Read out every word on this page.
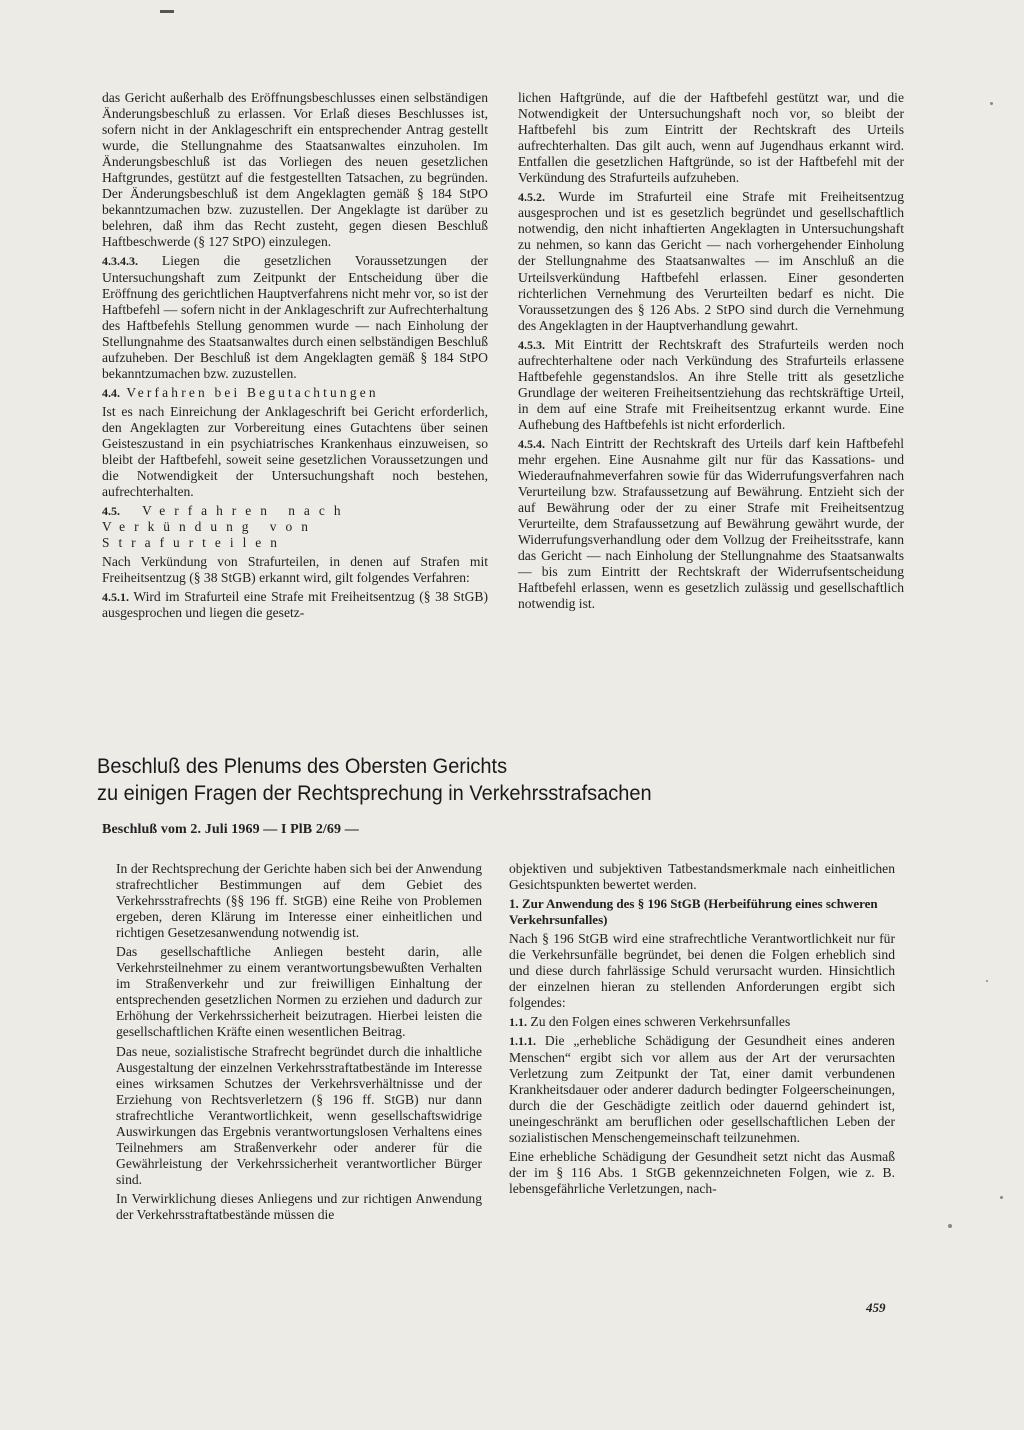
das Gericht außerhalb des Eröffnungsbeschlusses einen selbständigen Änderungsbeschluß zu erlassen. Vor Erlaß dieses Beschlusses ist, sofern nicht in der Anklageschrift ein entsprechender Antrag gestellt wurde, die Stellungnahme des Staatsanwaltes einzuholen. Im Änderungsbeschluß ist das Vorliegen des neuen gesetzlichen Haftgrundes, gestützt auf die festgestellten Tatsachen, zu begründen. Der Änderungsbeschluß ist dem Angeklagten gemäß § 184 StPO bekanntzumachen bzw. zuzustellen. Der Angeklagte ist darüber zu belehren, daß ihm das Recht zusteht, gegen diesen Beschluß Haftbeschwerde (§ 127 StPO) einzulegen.

4.3.4.3. Liegen die gesetzlichen Voraussetzungen der Untersuchungshaft zum Zeitpunkt der Entscheidung über die Eröffnung des gerichtlichen Hauptverfahrens nicht mehr vor, so ist der Haftbefehl — sofern nicht in der Anklageschrift zur Aufrechterhaltung des Haftbefehls Stellung genommen wurde — nach Einholung der Stellungnahme des Staatsanwaltes durch einen selbständigen Beschluß aufzuheben. Der Beschluß ist dem Angeklagten gemäß § 184 StPO bekanntzumachen bzw. zuzustellen.

4.4. Verfahren bei Begutachtungen

Ist es nach Einreichung der Anklageschrift bei Gericht erforderlich, den Angeklagten zur Vorbereitung eines Gutachtens über seinen Geisteszustand in ein psychiatrisches Krankenhaus einzuweisen, so bleibt der Haftbefehl, soweit seine gesetzlichen Voraussetzungen und die Notwendigkeit der Untersuchungshaft noch bestehen, aufrechterhalten.

4.5. Verfahren nach Verkündung von Strafurteilen

Nach Verkündung von Strafurteilen, in denen auf Strafen mit Freiheitsentzug (§ 38 StGB) erkannt wird, gilt folgendes Verfahren:

4.5.1. Wird im Strafurteil eine Strafe mit Freiheitsentzug (§ 38 StGB) ausgesprochen und liegen die gesetz-

lichen Haftgründe, auf die der Haftbefehl gestützt war, und die Notwendigkeit der Untersuchungshaft noch vor, so bleibt der Haftbefehl bis zum Eintritt der Rechtskraft des Urteils aufrechterhalten. Das gilt auch, wenn auf Jugendhaus erkannt wird. Entfallen die gesetzlichen Haftgründe, so ist der Haftbefehl mit der Verkündung des Strafurteils aufzuheben.

4.5.2. Wurde im Strafurteil eine Strafe mit Freiheitsentzug ausgesprochen und ist es gesetzlich begründet und gesellschaftlich notwendig, den nicht inhaftierten Angeklagten in Untersuchungshaft zu nehmen, so kann das Gericht — nach vorhergehender Einholung der Stellungnahme des Staatsanwaltes — im Anschluß an die Urteilsverkündung Haftbefehl erlassen. Einer gesonderten richterlichen Vernehmung des Verurteilten bedarf es nicht. Die Voraussetzungen des § 126 Abs. 2 StPO sind durch die Vernehmung des Angeklagten in der Hauptverhandlung gewahrt.

4.5.3. Mit Eintritt der Rechtskraft des Strafurteils werden noch aufrechterhaltene oder nach Verkündung des Strafurteils erlassene Haftbefehle gegenstandslos. An ihre Stelle tritt als gesetzliche Grundlage der weiteren Freiheitsentziehung das rechtskräftige Urteil, in dem auf eine Strafe mit Freiheitsentzug erkannt wurde. Eine Aufhebung des Haftbefehls ist nicht erforderlich.

4.5.4. Nach Eintritt der Rechtskraft des Urteils darf kein Haftbefehl mehr ergehen. Eine Ausnahme gilt nur für das Kassations- und Wiederaufnahmeverfahren sowie für das Widerrufungsverfahren nach Verurteilung bzw. Strafaussetzung auf Bewährung. Entzieht sich der auf Bewährung oder der zu einer Strafe mit Freiheitsentzug Verurteilte, dem Strafaussetzung auf Bewährung gewährt wurde, der Widerrufungsverhandlung oder dem Vollzug der Freiheitsstrafe, kann das Gericht — nach Einholung der Stellungnahme des Staatsanwalts — bis zum Eintritt der Rechtskraft der Widerrufsentscheidung Haftbefehl erlassen, wenn es gesetzlich zulässig und gesellschaftlich notwendig ist.

Beschluß des Plenums des Obersten Gerichts
zu einigen Fragen der Rechtsprechung in Verkehrsstrafsachen
Beschluß vom 2. Juli 1969 — I PlB 2/69 —

In der Rechtsprechung der Gerichte haben sich bei der Anwendung strafrechtlicher Bestimmungen auf dem Gebiet des Verkehrsstrafrechts (§§ 196 ff. StGB) eine Reihe von Problemen ergeben, deren Klärung im Interesse einer einheitlichen und richtigen Gesetzesanwendung notwendig ist.

Das gesellschaftliche Anliegen besteht darin, alle Verkehrsteilnehmer zu einem verantwortungsbewußten Verhalten im Straßenverkehr und zur freiwilligen Einhaltung der entsprechenden gesetzlichen Normen zu erziehen und dadurch zur Erhöhung der Verkehrssicherheit beizutragen. Hierbei leisten die gesellschaftlichen Kräfte einen wesentlichen Beitrag.

Das neue, sozialistische Strafrecht begründet durch die inhaltliche Ausgestaltung der einzelnen Verkehrsstraftatbestände im Interesse eines wirksamen Schutzes der Verkehrsverhältnisse und der Erziehung von Rechtsverletzern (§ 196 ff. StGB) nur dann strafrechtliche Verantwortlichkeit, wenn gesellschaftswidrige Auswirkungen das Ergebnis verantwortungslosen Verhaltens eines Teilnehmers am Straßenverkehr oder anderer für die Gewährleistung der Verkehrssicherheit verantwortlicher Bürger sind.

In Verwirklichung dieses Anliegens und zur richtigen Anwendung der Verkehrsstraftatbestände müssen die

objektiven und subjektiven Tatbestandsmerkmale nach einheitlichen Gesichtspunkten bewertet werden.

1. Zur Anwendung des § 196 StGB (Herbeiführung eines schweren Verkehrsunfalles)

Nach § 196 StGB wird eine strafrechtliche Verantwortlichkeit nur für die Verkehrsunfälle begründet, bei denen die Folgen erheblich sind und diese durch fahrlässige Schuld verursacht wurden. Hinsichtlich der einzelnen hieran zu stellenden Anforderungen ergibt sich folgendes:

1.1. Zu den Folgen eines schweren Verkehrsunfalles

1.1.1. Die „erhebliche Schädigung der Gesundheit eines anderen Menschen“ ergibt sich vor allem aus der Art der verursachten Verletzung zum Zeitpunkt der Tat, einer damit verbundenen Krankheitsdauer oder anderer dadurch bedingter Folgeerscheinungen, durch die der Geschädigte zeitlich oder dauernd gehindert ist, uneingeschränkt am beruflichen oder gesellschaftlichen Leben der sozialistischen Menschengemeinschaft teilzunehmen.

Eine erhebliche Schädigung der Gesundheit setzt nicht das Ausmaß der im § 116 Abs. 1 StGB gekennzeichneten Folgen, wie z. B. lebensgefährliche Verletzungen, nach-

459
